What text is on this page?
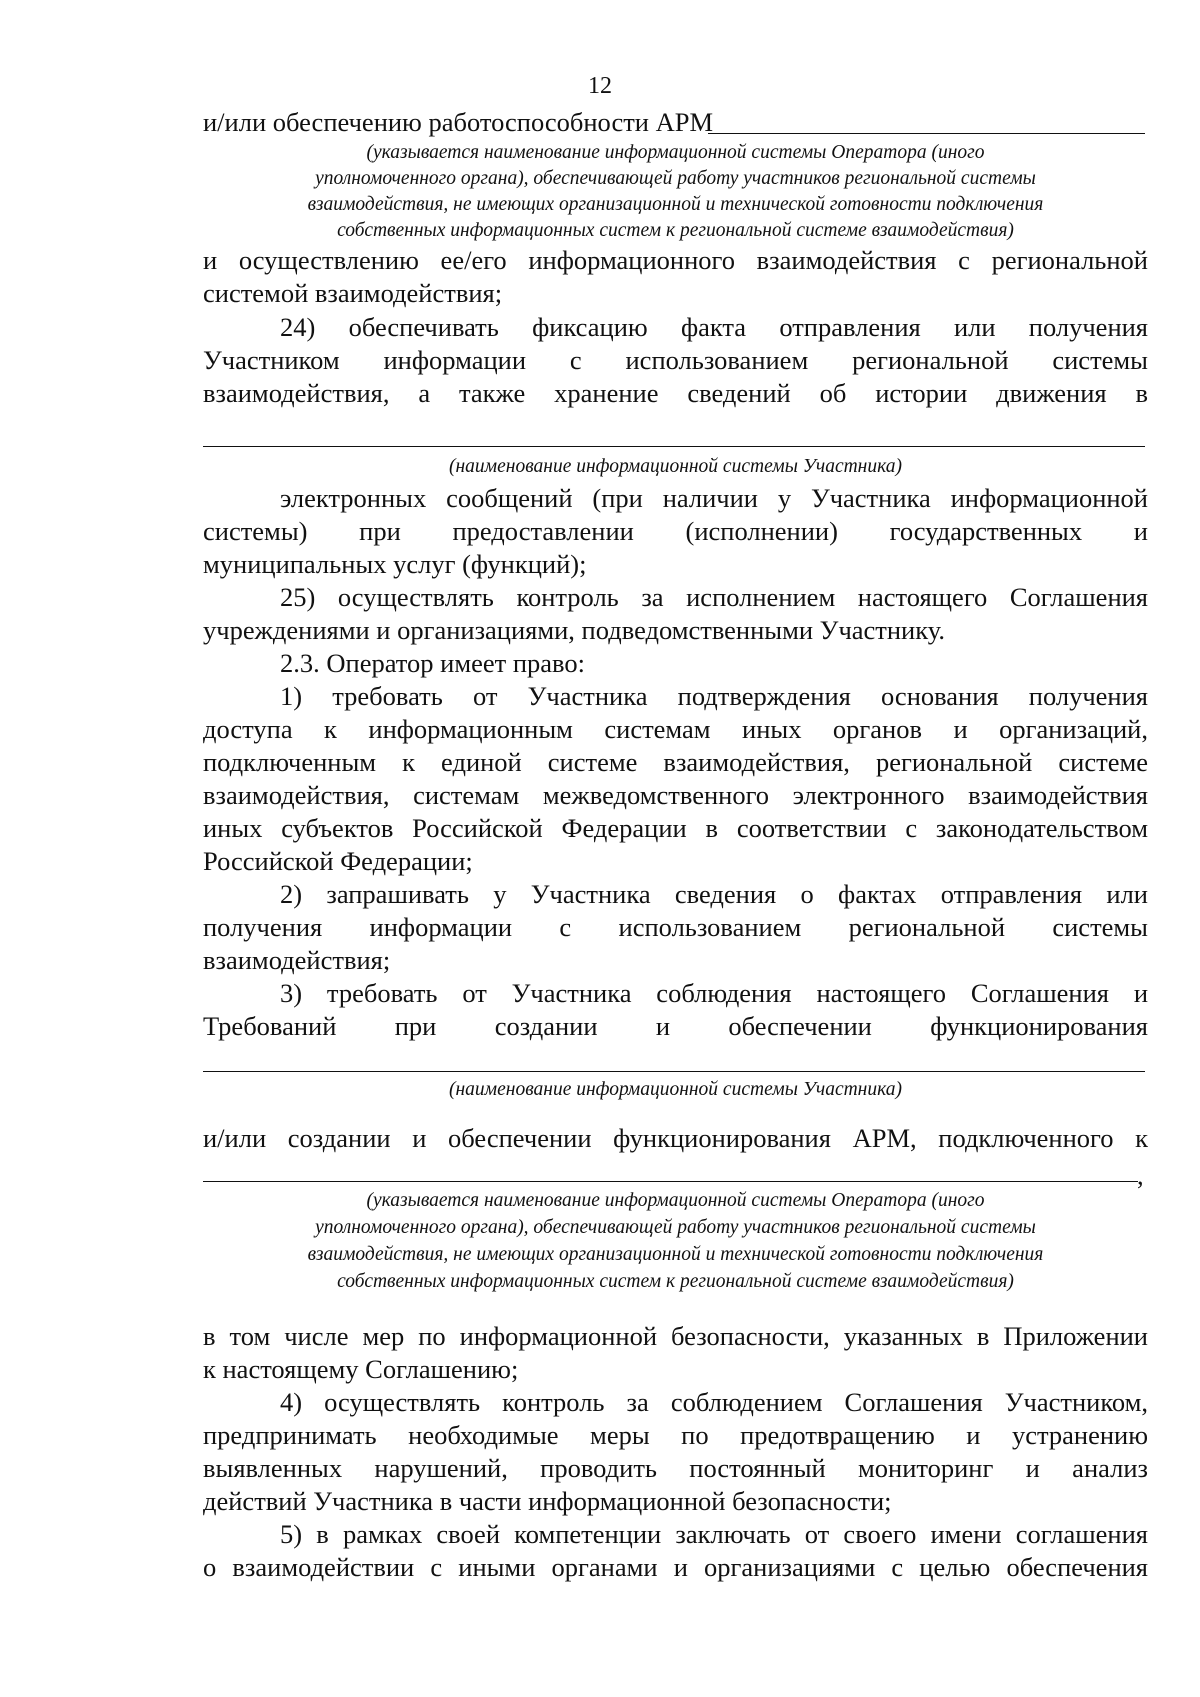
12
и/или обеспечению работоспособности АРМ
(указывается наименование информационной системы Оператора (иного
уполномоченного органа), обеспечивающей работу участников региональной системы
взаимодействия, не имеющих организационной и технической готовности подключения
собственных информационных систем к региональной системе взаимодействия)
и осуществлению ее/его информационного взаимодействия с региональной
системой взаимодействия;
24) обеспечивать фиксацию факта отправления или получения
Участником информации с использованием региональной системы
взаимодействия, а также хранение сведений об истории движения в
(наименование информационной системы Участника)
электронных сообщений (при наличии у Участника информационной
системы) при предоставлении (исполнении) государственных и
муниципальных услуг (функций);
25) осуществлять контроль за исполнением настоящего Соглашения
учреждениями и организациями, подведомственными Участнику.
2.3. Оператор имеет право:
1) требовать от Участника подтверждения основания получения
доступа к информационным системам иных органов и организаций,
подключенным к единой системе взаимодействия, региональной системе
взаимодействия, системам межведомственного электронного взаимодействия
иных субъектов Российской Федерации в соответствии с законодательством
Российской Федерации;
2) запрашивать у Участника сведения о фактах отправления или
получения информации с использованием региональной системы
взаимодействия;
3) требовать от Участника соблюдения настоящего Соглашения и
Требований при создании и обеспечении функционирования
(наименование информационной системы Участника)
и/или создании и обеспечении функционирования АРМ, подключенного к
,
(указывается наименование информационной системы Оператора (иного
уполномоченного органа), обеспечивающей работу участников региональной системы
взаимодействия, не имеющих организационной и технической готовности подключения
собственных информационных систем к региональной системе взаимодействия)
в том числе мер по информационной безопасности, указанных в Приложении
к настоящему Соглашению;
4) осуществлять контроль за соблюдением Соглашения Участником,
предпринимать необходимые меры по предотвращению и устранению
выявленных нарушений, проводить постоянный мониторинг и анализ
действий Участника в части информационной безопасности;
5) в рамках своей компетенции заключать от своего имени соглашения
о взаимодействии с иными органами и организациями с целью обеспечения
